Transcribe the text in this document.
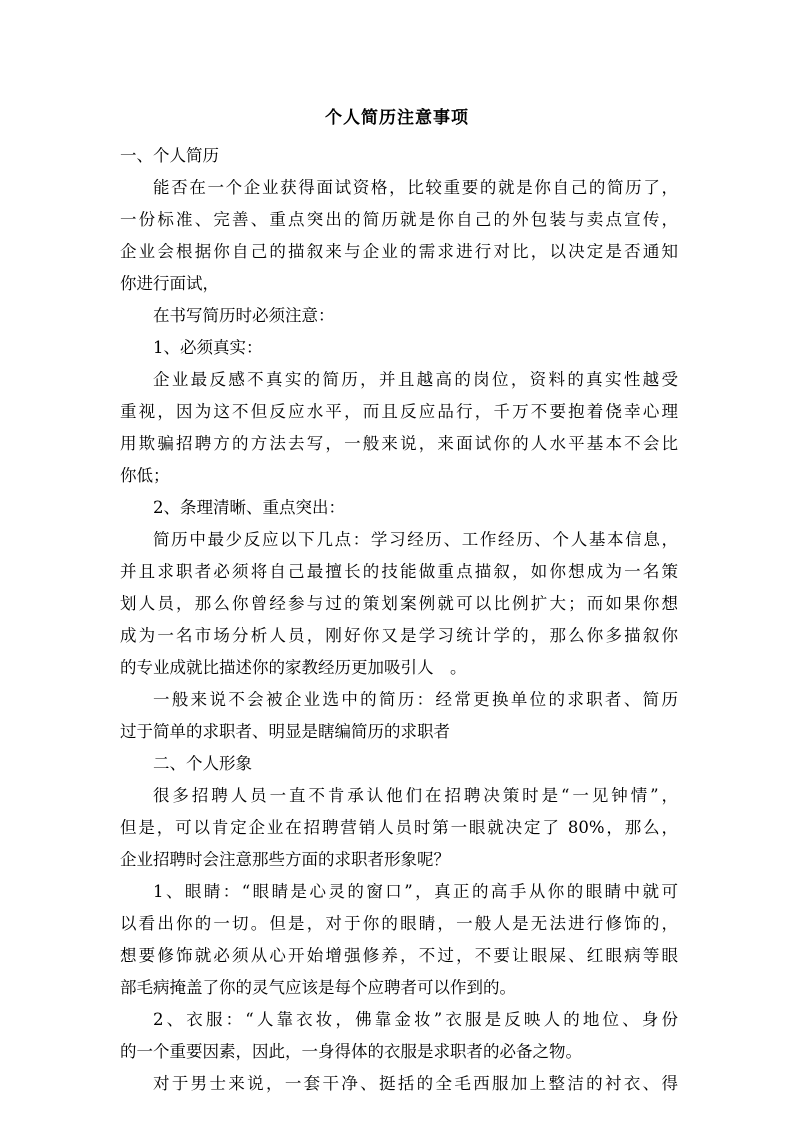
个人简历注意事项

一、个人简历

能否在一个企业获得面试资格，比较重要的就是你自己的简历了，
一份标准、完善、重点突出的简历就是你自己的外包装与卖点宣传，
企业会根据你自己的描叙来与企业的需求进行对比，以决定是否通知
你进行面试，

在书写简历时必须注意：

1、必须真实：

企业最反感不真实的简历，并且越高的岗位，资料的真实性越受
重视，因为这不但反应水平，而且反应品行，千万不要抱着侥幸心理
用欺骗招聘方的方法去写，一般来说，来面试你的人水平基本不会比
你低；

2、条理清晰、重点突出：

简历中最少反应以下几点：学习经历、工作经历、个人基本信息，
并且求职者必须将自己最擅长的技能做重点描叙，如你想成为一名策
划人员，那么你曾经参与过的策划案例就可以比例扩大；而如果你想
成为一名市场分析人员，刚好你又是学习统计学的，那么你多描叙你
的专业成就比描述你的家教经历更加吸引人　。

一般来说不会被企业选中的简历：经常更换单位的求职者、简历
过于简单的求职者、明显是瞎编简历的求职者

二、个人形象

很多招聘人员一直不肯承认他们在招聘决策时是“一见钟情”，
但是，可以肯定企业在招聘营销人员时第一眼就决定了 80%，那么，
企业招聘时会注意那些方面的求职者形象呢？

1、眼睛：“眼睛是心灵的窗口”，真正的高手从你的眼睛中就可
以看出你的一切。但是，对于你的眼睛，一般人是无法进行修饰的，
想要修饰就必须从心开始增强修养，不过，不要让眼屎、红眼病等眼
部毛病掩盖了你的灵气应该是每个应聘者可以作到的。

2、衣服：“人靠衣妆，佛靠金妆”衣服是反映人的地位、身份
的一个重要因素，因此，一身得体的衣服是求职者的必备之物。

对于男士来说，一套干净、挺括的全毛西服加上整洁的衬衣、得
